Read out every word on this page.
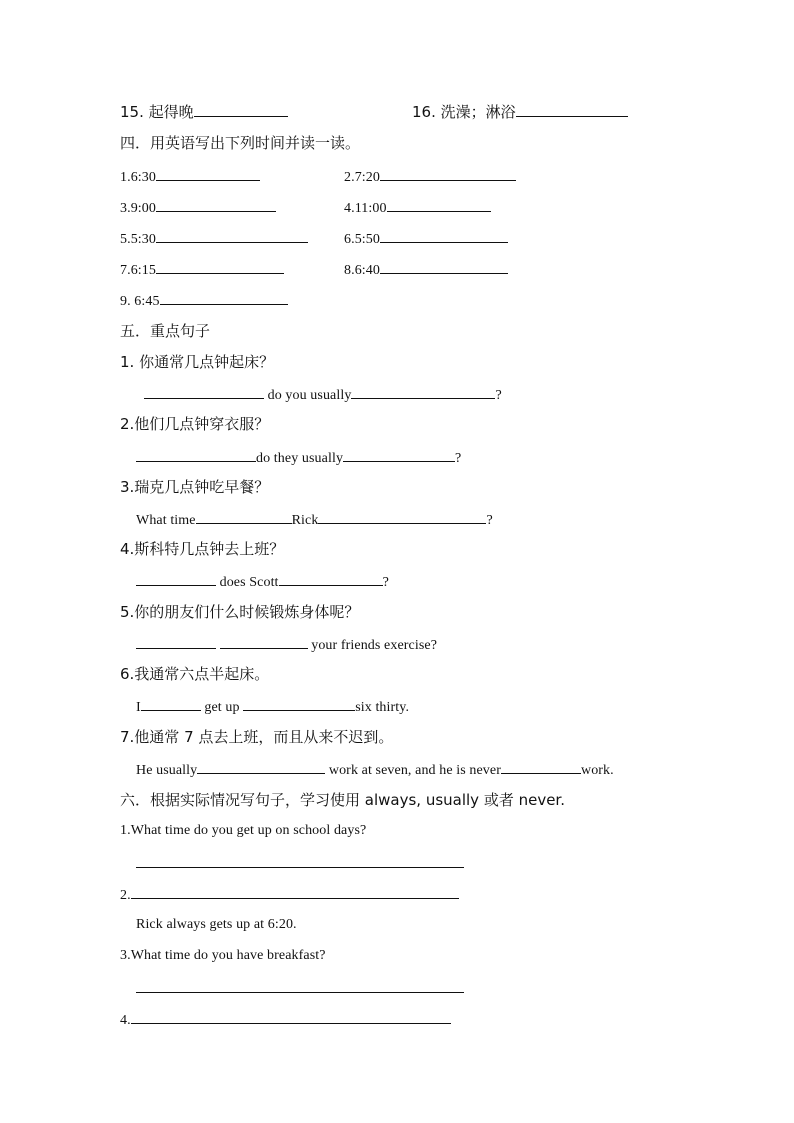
15. 起得晚	16. 洗澡；淋浴
四．用英语写出下列时间并读一读。
1.6:30	2.7:20
3.9:00	4.11:00
5.5:30	6.5:50
7.6:15	8.6:40
9. 6:45
五．重点句子
1. 你通常几点钟起床？
do you usually	?
2.他们几点钟穿衣服？
do they usually	?
3.瑞克几点钟吃早餐？
What time	Rick	?
4.斯科特几点钟去上班？
does Scott	?
5.你的朋友们什么时候锻炼身体呢？
your friends exercise?
6.我通常六点半起床。
I	get up	six thirty.
7.他通常 7 点去上班，而且从来不迟到。
He usually	work at seven, and he is never	work.
六．根据实际情况写句子，学习使用 always, usually 或者 never.
1.What time do you get up on school days?
2.
Rick always gets up at 6:20.
3.What time do you have breakfast?
4.
